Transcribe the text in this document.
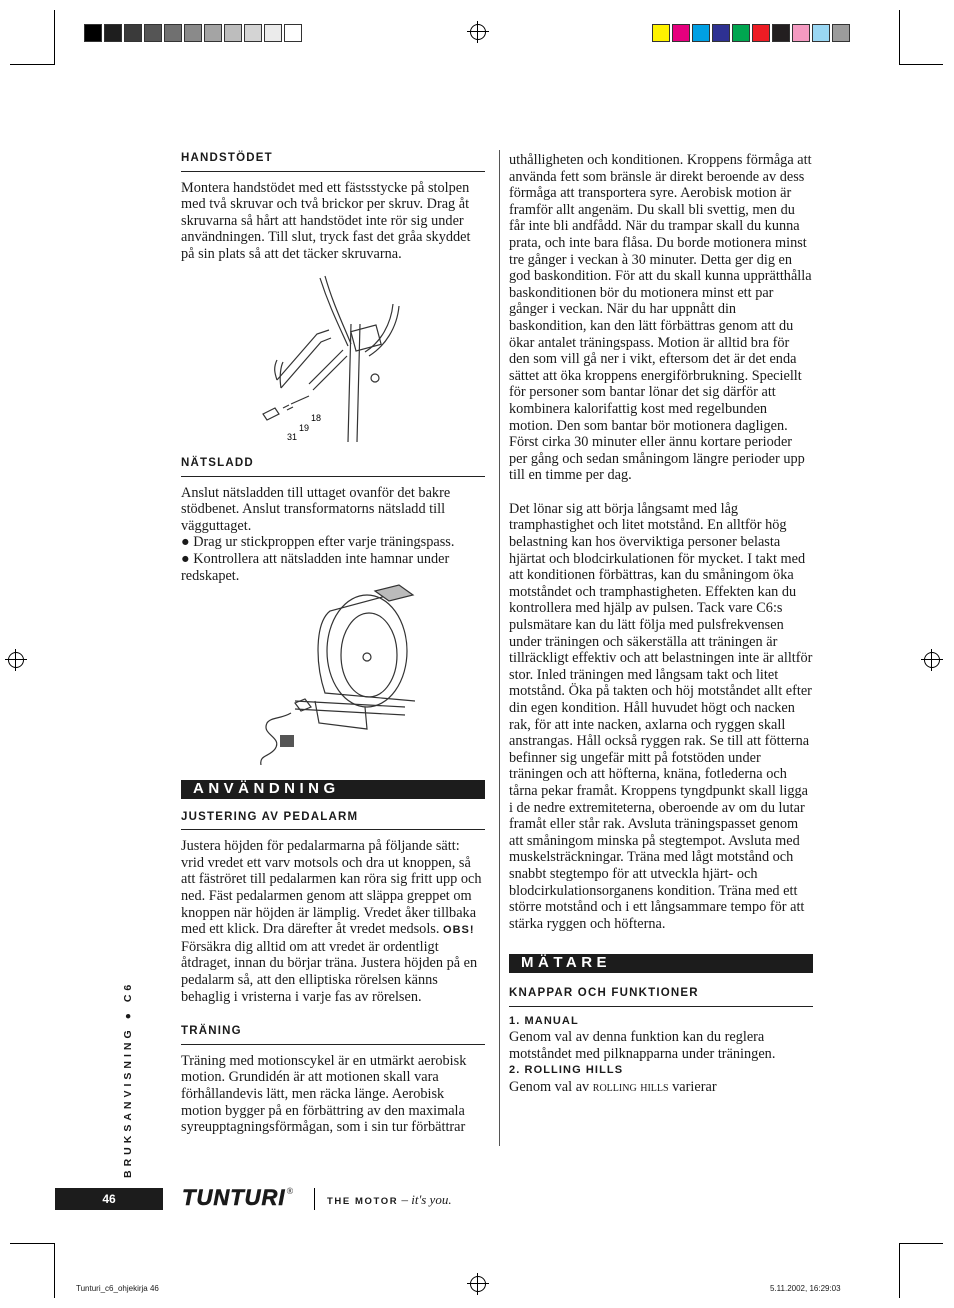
HANDSTÖDET

Montera handstödet med ett fästsstycke på stolpen med två skruvar och två brickor per skruv. Drag åt skruvarna så hårt att handstödet inte rör sig under användningen. Till slut, tryck fast det gråa skyddet på sin plats så att det täcker skruvarna.

18
19
31
NÄTSLADD

Anslut nätsladden till uttaget ovanför det bakre stödbenet. Anslut transformatorns nätsladd till vägguttaget.

● Drag ur stickproppen efter varje träningspass.

● Kontrollera att nätsladden inte hamnar under redskapet.

ANVÄNDNING
JUSTERING AV PEDALARM

Justera höjden för pedalarmarna på följande sätt: vrid vredet ett varv motsols och dra ut knoppen, så att fäströret till pedalarmen kan röra sig fritt upp och ned. Fäst pedalarmen genom att släppa greppet om knoppen när höjden är lämplig. Vredet åker tillbaka med ett klick. Dra därefter åt vredet medsols. OBS! Försäkra dig alltid om att vredet är ordentligt åtdraget, innan du börjar träna. Justera höjden på en pedalarm så, att den elliptiska rörelsen känns behaglig i vristerna i varje fas av rörelsen.

TRÄNING

Träning med motionscykel är en utmärkt aerobisk motion. Grundidén är att motionen skall vara förhållandevis lätt, men räcka länge. Aerobisk motion bygger på en förbättring av den maximala syreupptagningsförmågan, som i sin tur förbättrar

uthålligheten och konditionen. Kroppens förmåga att använda fett som bränsle är direkt beroende av dess förmåga att transportera syre. Aerobisk motion är framför allt angenäm. Du skall bli svettig, men du får inte bli andfådd. När du trampar skall du kunna prata, och inte bara flåsa. Du borde motionera minst tre gånger i veckan à 30 minuter. Detta ger dig en god baskondition. För att du skall kunna upprätthålla baskonditionen bör du motionera minst ett par gånger i veckan. När du har uppnått din baskondition, kan den lätt förbättras genom att du ökar antalet träningspass. Motion är alltid bra för den som vill gå ner i vikt, eftersom det är det enda sättet att öka kroppens energiförbrukning. Speciellt för personer som bantar lönar det sig därför att kombinera kalorifattig kost med regelbunden motion. Den som bantar bör motionera dagligen. Först cirka 30 minuter eller ännu kortare perioder per gång och sedan småningom längre perioder upp till en timme per dag.

Det lönar sig att börja långsamt med låg tramphastighet och litet motstånd. En alltför hög belastning kan hos överviktiga personer belasta hjärtat och blodcirkulationen för mycket. I takt med att konditionen förbättras, kan du småningom öka motståndet och tramphastigheten. Effekten kan du kontrollera med hjälp av pulsen. Tack vare C6:s pulsmätare kan du lätt följa med pulsfrekvensen under träningen och säkerställa att träningen är tillräckligt effektiv och att belastningen inte är alltför stor. Inled träningen med långsam takt och litet motstånd. Öka på takten och höj motståndet allt efter din egen kondition. Håll huvudet högt och nacken rak, för att inte nacken, axlarna och ryggen skall anstrangas. Håll också ryggen rak. Se till att fötterna befinner sig ungefär mitt på fotstöden under träningen och att höfterna, knäna, fotlederna och tårna pekar framåt. Kroppens tyngdpunkt skall ligga i de nedre extremiteterna, oberoende av om du lutar framåt eller står rak. Avsluta träningspasset genom att småningom minska på stegtempot. Avsluta med muskelsträckningar. Träna med lågt motstånd och snabbt stegtempo för att utveckla hjärt- och blodcirkulationsorganens kondition. Träna med ett större motstånd och i ett långsammare tempo för att stärka ryggen och höfterna.

MÄTARE
KNAPPAR OCH FUNKTIONER
1. MANUAL

Genom val av denna funktion kan du reglera motståndet med pilknapparna under träningen.

2. ROLLING HILLS

Genom val av rolling hills varierar

BRUKSANVISNING ● C6
46	TUNTURI ®
THE MOTOR – it's you.
Tunturi_c6_ohjekirja 46	5.11.2002, 16:29:03
